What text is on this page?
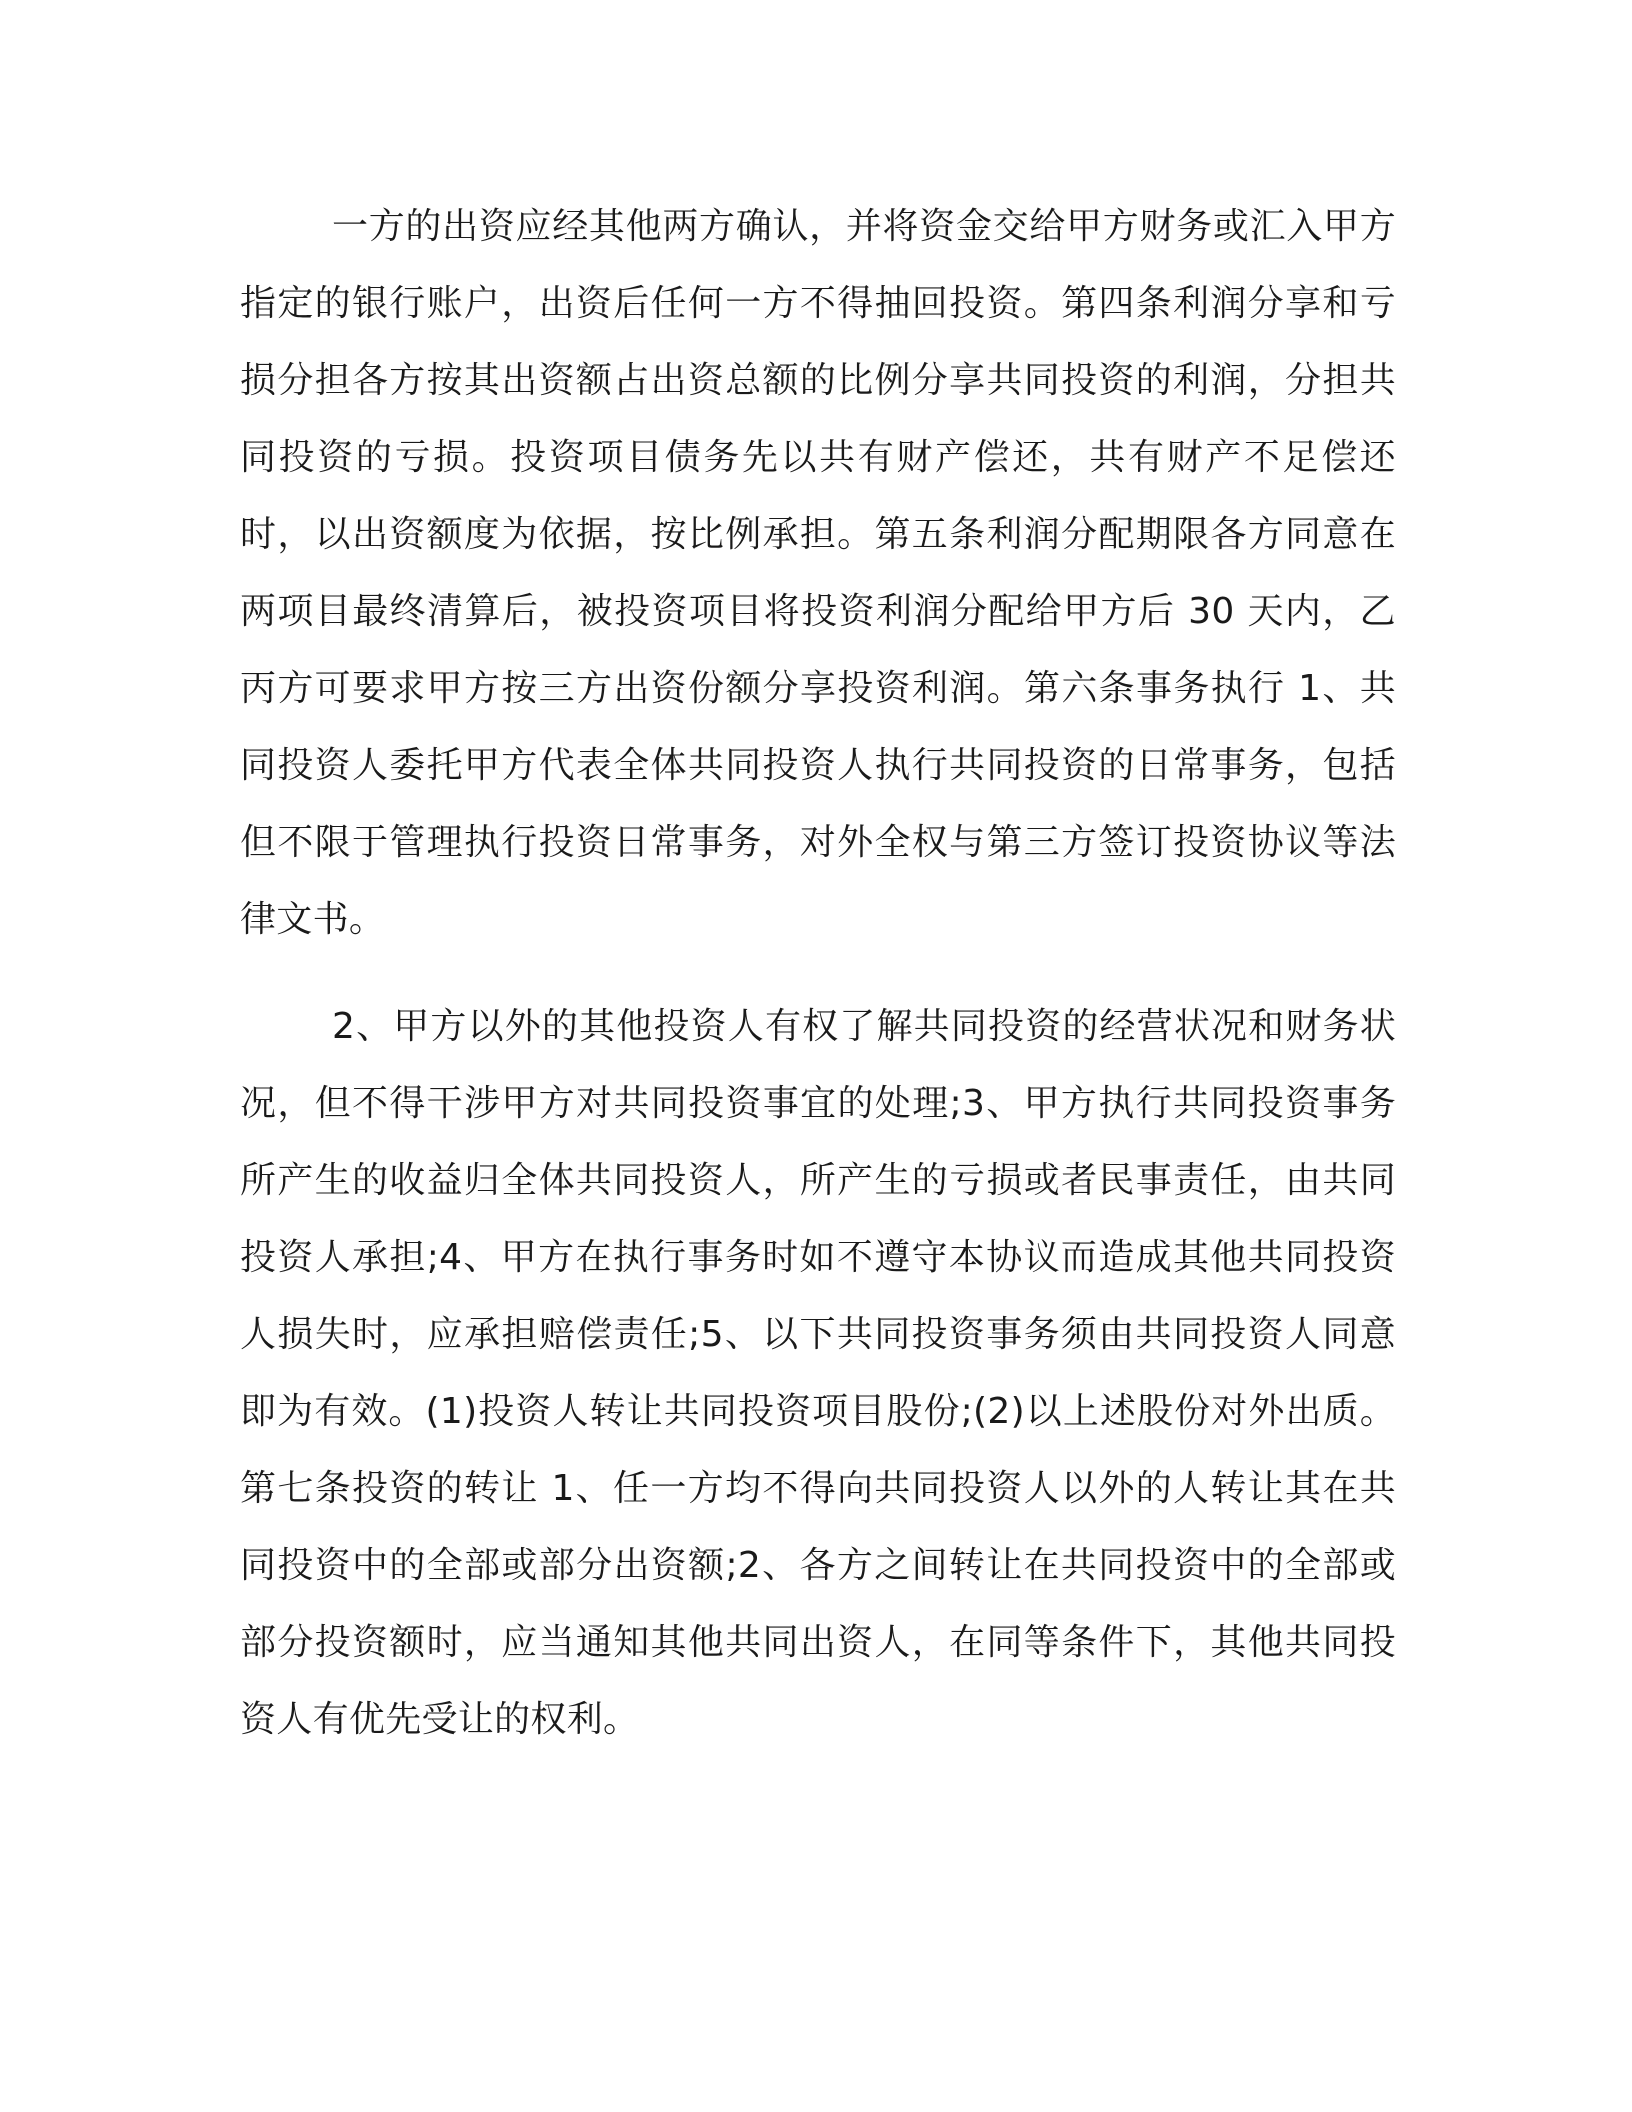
一方的出资应经其他两方确认，并将资金交给甲方财务或汇入甲方指定的银行账户，出资后任何一方不得抽回投资。第四条利润分享和亏损分担各方按其出资额占出资总额的比例分享共同投资的利润，分担共同投资的亏损。投资项目债务先以共有财产偿还，共有财产不足偿还时，以出资额度为依据，按比例承担。第五条利润分配期限各方同意在两项目最终清算后，被投资项目将投资利润分配给甲方后 30 天内，乙丙方可要求甲方按三方出资份额分享投资利润。第六条事务执行 1、共同投资人委托甲方代表全体共同投资人执行共同投资的日常事务，包括但不限于管理执行投资日常事务，对外全权与第三方签订投资协议等法律文书。

2、甲方以外的其他投资人有权了解共同投资的经营状况和财务状况，但不得干涉甲方对共同投资事宜的处理;3、甲方执行共同投资事务所产生的收益归全体共同投资人，所产生的亏损或者民事责任，由共同投资人承担;4、甲方在执行事务时如不遵守本协议而造成其他共同投资人损失时，应承担赔偿责任;5、以下共同投资事务须由共同投资人同意即为有效。(1)投资人转让共同投资项目股份;(2)以上述股份对外出质。第七条投资的转让 1、任一方均不得向共同投资人以外的人转让其在共同投资中的全部或部分出资额;2、各方之间转让在共同投资中的全部或部分投资额时，应当通知其他共同出资人，在同等条件下，其他共同投资人有优先受让的权利。
